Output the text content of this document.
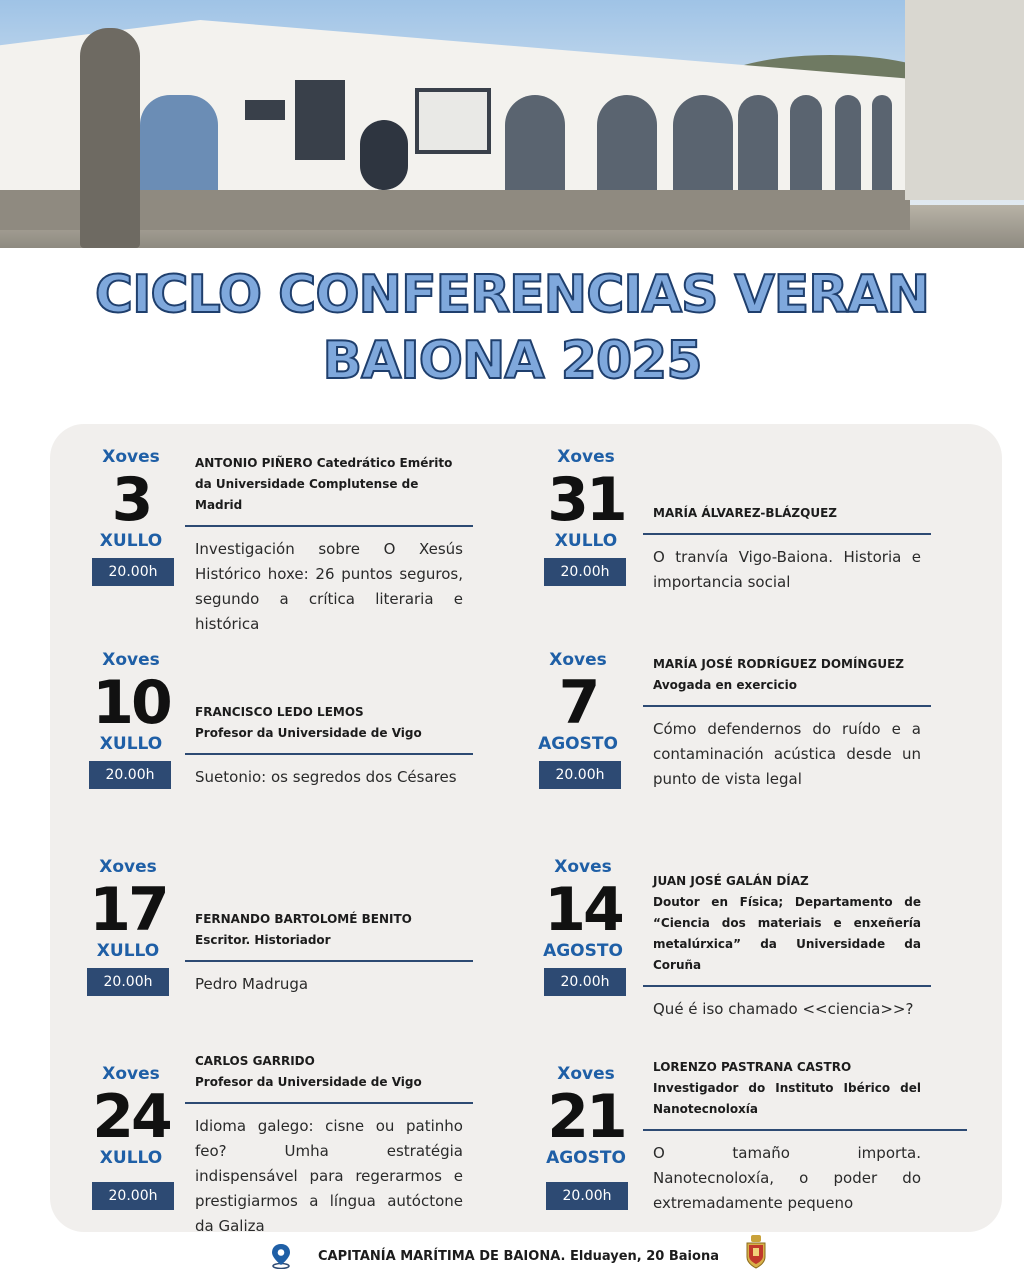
CICLO CONFERENCIAS VERAN
BAIONA 2025
Xoves
3
XULLO
20.00h
ANTONIO PIÑERO Catedrático Emérito da Universidade Complutense de Madrid
Investigación sobre O Xesús Histórico hoxe: 26 puntos seguros, segundo a crítica literaria e histórica
Xoves
31
XULLO
20.00h
MARÍA ÁLVAREZ-BLÁZQUEZ
O tranvía Vigo-Baiona. Historia e importancia social
Xoves
10
XULLO
20.00h
FRANCISCO LEDO LEMOS
Profesor da Universidade de Vigo
Suetonio: os segredos dos Césares
Xoves
7
AGOSTO
20.00h
MARÍA JOSÉ RODRÍGUEZ DOMÍNGUEZ
Avogada en exercicio
Cómo defendernos do ruído e a contaminación acústica desde un punto de vista legal
Xoves
17
XULLO
20.00h
FERNANDO BARTOLOMÉ BENITO
Escritor. Historiador
Pedro Madruga
Xoves
14
AGOSTO
20.00h
JUAN JOSÉ GALÁN DÍAZ
Doutor en Física; Departamento de “Ciencia dos materiais e enxeñería metalúrxica” da Universidade da Coruña
Qué é iso chamado <<ciencia>>?
Xoves
24
XULLO
20.00h
CARLOS GARRIDO
Profesor da Universidade de Vigo
Idioma galego: cisne ou patinho feo? Umha estratégia indispensável para regerarmos e prestigiarmos a língua autóctone da Galiza
Xoves
21
AGOSTO
20.00h
LORENZO PASTRANA CASTRO
Investigador do Instituto Ibérico del Nanotecnoloxía
O tamaño importa. Nanotecnoloxía, o poder do extremadamente pequeno
CAPITANÍA MARÍTIMA DE BAIONA. Elduayen, 20 Baiona
